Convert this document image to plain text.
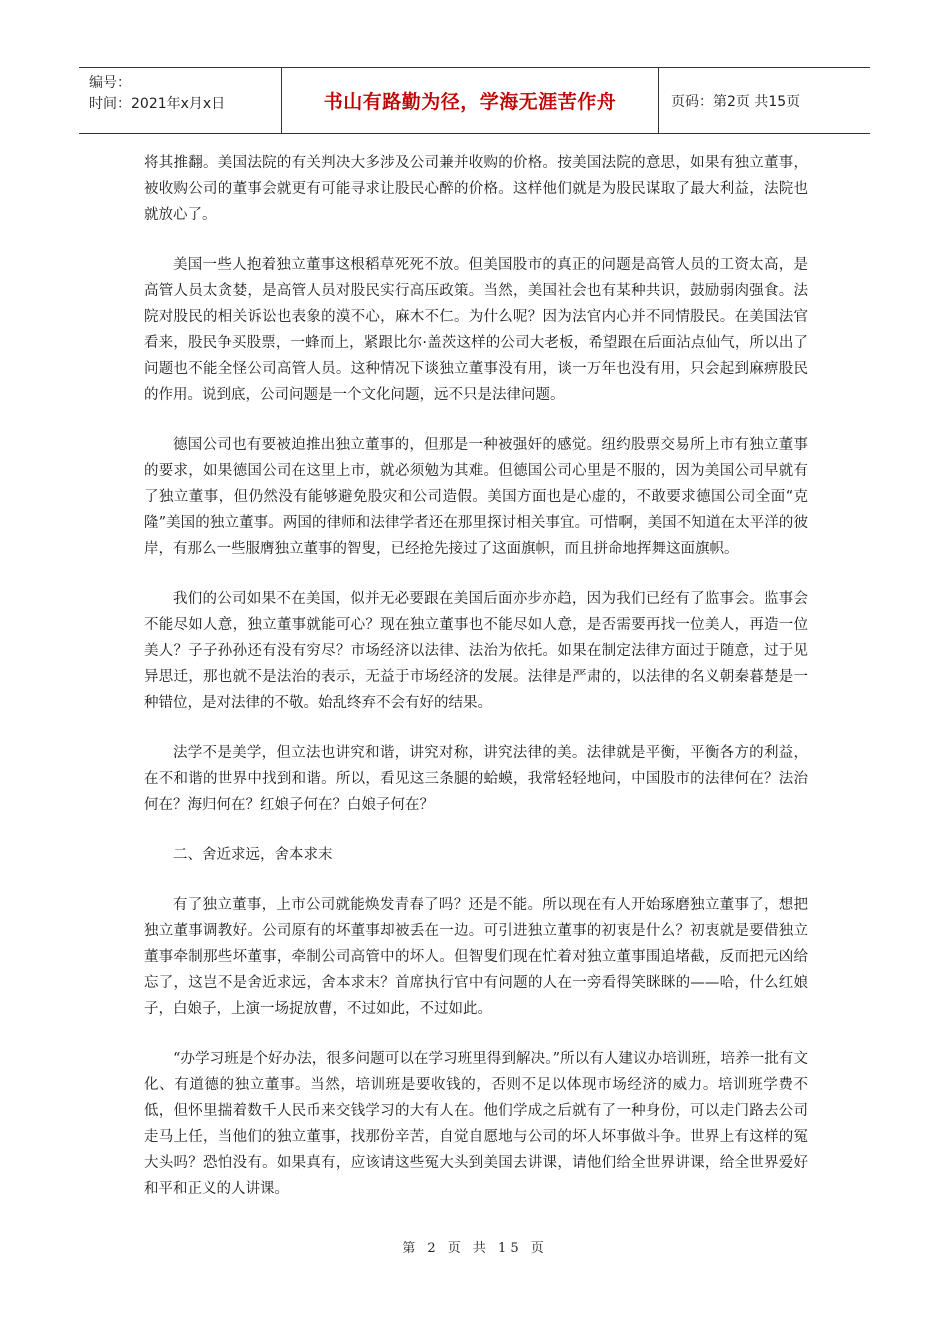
编号：
时间：2021年x月x日	书山有路勤为径，学海无涯苦作舟	页码：第2页 共15页

将其推翻。美国法院的有关判决大多涉及公司兼并收购的价格。按美国法院的意思，如果有独立董事，被收购公司的董事会就更有可能寻求让股民心醉的价格。这样他们就是为股民谋取了最大利益，法院也就放心了。

美国一些人抱着独立董事这根稻草死死不放。但美国股市的真正的问题是高管人员的工资太高，是高管人员太贪婪，是高管人员对股民实行高压政策。当然，美国社会也有某种共识，鼓励弱肉强食。法院对股民的相关诉讼也表象的漠不心，麻木不仁。为什么呢？因为法官内心并不同情股民。在美国法官看来，股民争买股票，一蜂而上，紧跟比尔·盖茨这样的公司大老板，希望跟在后面沾点仙气，所以出了问题也不能全怪公司高管人员。这种情况下谈独立董事没有用，谈一万年也没有用，只会起到麻痹股民的作用。说到底，公司问题是一个文化问题，远不只是法律问题。

德国公司也有要被迫推出独立董事的，但那是一种被强奸的感觉。纽约股票交易所上市有独立董事的要求，如果德国公司在这里上市，就必须勉为其难。但德国公司心里是不服的，因为美国公司早就有了独立董事，但仍然没有能够避免股灾和公司造假。美国方面也是心虚的，不敢要求德国公司全面“克隆”美国的独立董事。两国的律师和法律学者还在那里探讨相关事宜。可惜啊，美国不知道在太平洋的彼岸，有那么一些服膺独立董事的智叟，已经抢先接过了这面旗帜，而且拼命地挥舞这面旗帜。

我们的公司如果不在美国，似并无必要跟在美国后面亦步亦趋，因为我们已经有了监事会。监事会不能尽如人意，独立董事就能可心？现在独立董事也不能尽如人意，是否需要再找一位美人，再造一位美人？子子孙孙还有没有穷尽？市场经济以法律、法治为依托。如果在制定法律方面过于随意，过于见异思迁，那也就不是法治的表示，无益于市场经济的发展。法律是严肃的，以法律的名义朝秦暮楚是一种错位，是对法律的不敬。始乱终弃不会有好的结果。

法学不是美学，但立法也讲究和谐，讲究对称，讲究法律的美。法律就是平衡，平衡各方的利益，在不和谐的世界中找到和谐。所以，看见这三条腿的蛤蟆，我常轻轻地问，中国股市的法律何在？法治何在？海归何在？红娘子何在？白娘子何在？

二、舍近求远，舍本求末

有了独立董事，上市公司就能焕发青春了吗？还是不能。所以现在有人开始琢磨独立董事了，想把独立董事调教好。公司原有的坏董事却被丢在一边。可引进独立董事的初衷是什么？初衷就是要借独立董事牵制那些坏董事，牵制公司高管中的坏人。但智叟们现在忙着对独立董事围追堵截，反而把元凶给忘了，这岂不是舍近求远，舍本求末？首席执行官中有问题的人在一旁看得笑眯眯的——哈，什么红娘子，白娘子，上演一场捉放曹，不过如此，不过如此。

“办学习班是个好办法，很多问题可以在学习班里得到解决。”所以有人建议办培训班，培养一批有文化、有道德的独立董事。当然，培训班是要收钱的，否则不足以体现市场经济的威力。培训班学费不低，但怀里揣着数千人民币来交钱学习的大有人在。他们学成之后就有了一种身份，可以走门路去公司走马上任，当他们的独立董事，找那份辛苦，自觉自愿地与公司的坏人坏事做斗争。世界上有这样的冤大头吗？恐怕没有。如果真有，应该请这些冤大头到美国去讲课，请他们给全世界讲课，给全世界爱好和平和正义的人讲课。

第 2 页 共 15 页
